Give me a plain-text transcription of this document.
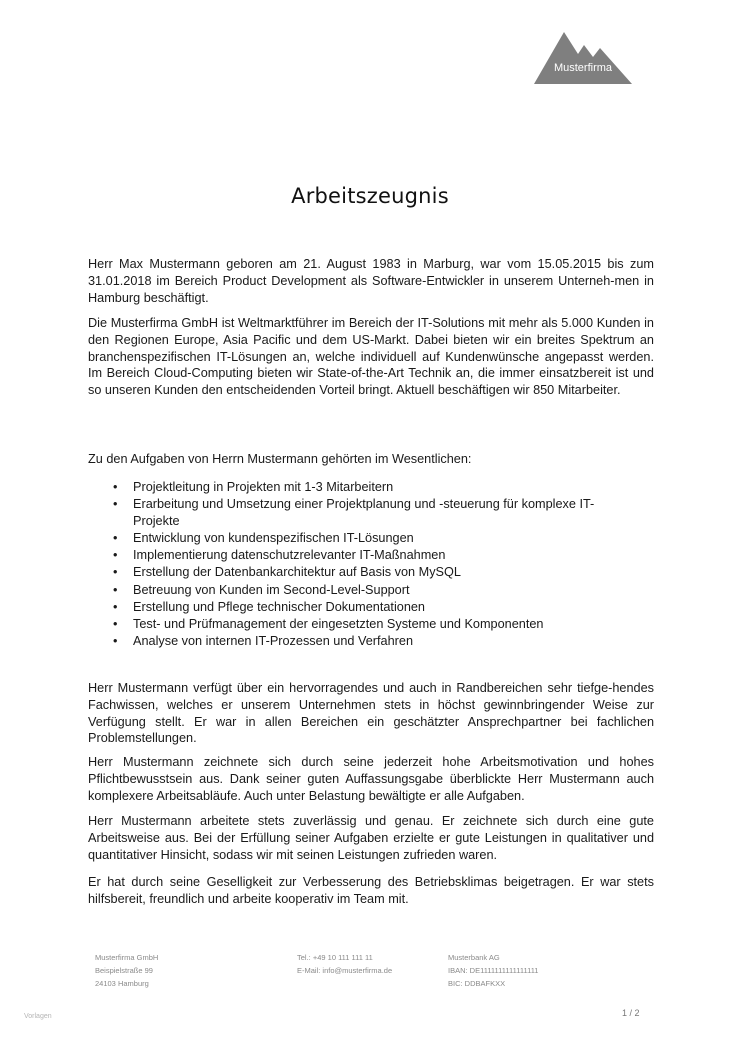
Musterfirma
Arbeitszeugnis

Herr Max Mustermann geboren am 21. August 1983 in Marburg, war vom 15.05.2015 bis zum 31.01.2018 im Bereich Product Development als Software-Entwickler in unserem Unterneh-men in Hamburg beschäftigt.

Die Musterfirma GmbH ist Weltmarktführer im Bereich der IT-Solutions mit mehr als 5.000 Kunden in den Regionen Europe, Asia Pacific und dem US-Markt. Dabei bieten wir ein breites Spektrum an branchenspezifischen IT-Lösungen an, welche individuell auf Kundenwünsche angepasst werden. Im Bereich Cloud-Computing bieten wir State-of-the-Art Technik an, die immer einsatzbereit ist und so unseren Kunden den entscheidenden Vorteil bringt. Aktuell beschäftigen wir 850 Mitarbeiter.

Zu den Aufgaben von Herrn Mustermann gehörten im Wesentlichen:

• Projektleitung in Projekten mit 1-3 Mitarbeitern
• Erarbeitung und Umsetzung einer Projektplanung und -steuerung für komplexe IT-Projekte
• Entwicklung von kundenspezifischen IT-Lösungen
• Implementierung datenschutzrelevanter IT-Maßnahmen
• Erstellung der Datenbankarchitektur auf Basis von MySQL
• Betreuung von Kunden im Second-Level-Support
• Erstellung und Pflege technischer Dokumentationen
• Test- und Prüfmanagement der eingesetzten Systeme und Komponenten
• Analyse von internen IT-Prozessen und Verfahren

Herr Mustermann verfügt über ein hervorragendes und auch in Randbereichen sehr tiefge-hendes Fachwissen, welches er unserem Unternehmen stets in höchst gewinnbringender Weise zur Verfügung stellt. Er war in allen Bereichen ein geschätzter Ansprechpartner bei fachlichen Problemstellungen.

Herr Mustermann zeichnete sich durch seine jederzeit hohe Arbeitsmotivation und hohes Pflichtbewusstsein aus. Dank seiner guten Auffassungsgabe überblickte Herr Mustermann auch komplexere Arbeitsabläufe. Auch unter Belastung bewältigte er alle Aufgaben.

Herr Mustermann arbeitete stets zuverlässig und genau. Er zeichnete sich durch eine gute Arbeitsweise aus. Bei der Erfüllung seiner Aufgaben erzielte er gute Leistungen in qualitativer und quantitativer Hinsicht, sodass wir mit seinen Leistungen zufrieden waren.

Er hat durch seine Geselligkeit zur Verbesserung des Betriebsklimas beigetragen. Er war stets hilfsbereit, freundlich und arbeite kooperativ im Team mit.

Musterfirma GmbH
Beispielstraße 99
24103 Hamburg
Tel.: +49 10 111 111 11
E-Mail: info@musterfirma.de
Musterbank AG
IBAN: DE1111111111111111
BIC: DDBAFKXX
Vorlagen	1 / 2
